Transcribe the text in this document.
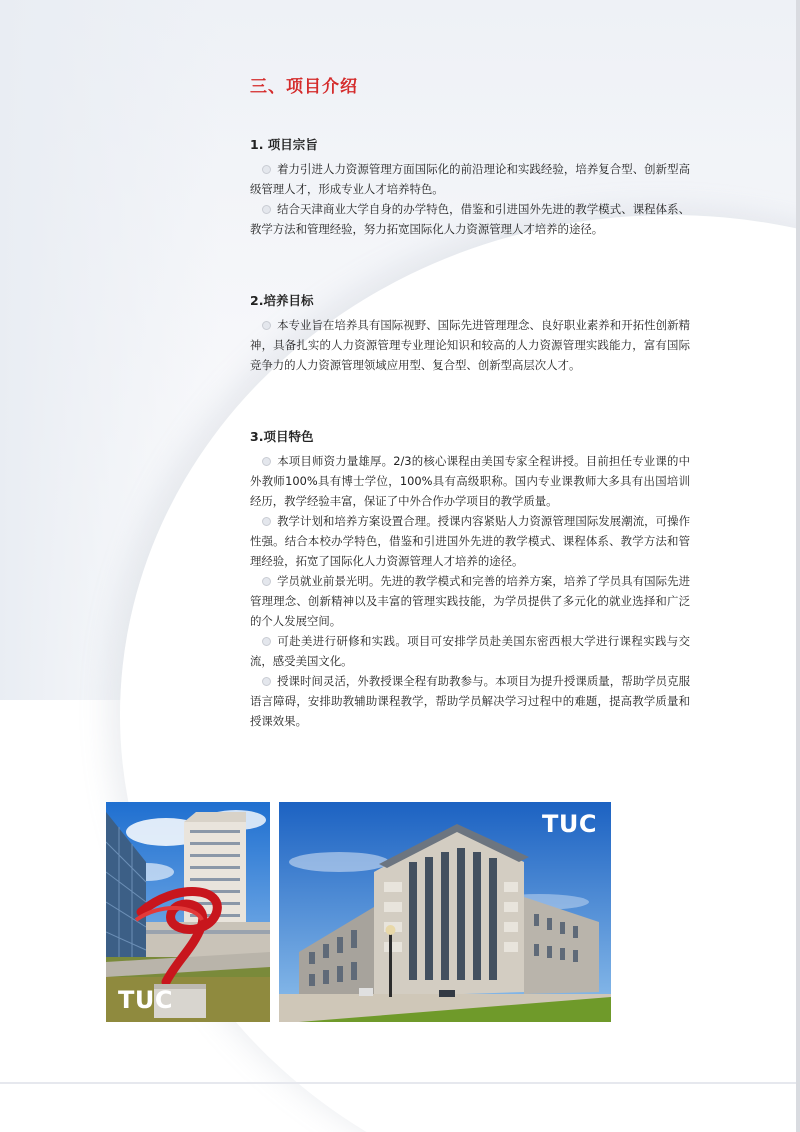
三、项目介绍
1. 项目宗旨

着力引进人力资源管理方面国际化的前沿理论和实践经验，培养复合型、创新型高级管理人才，形成专业人才培养特色。

结合天津商业大学自身的办学特色，借鉴和引进国外先进的教学模式、课程体系、教学方法和管理经验，努力拓宽国际化人力资源管理人才培养的途径。

2.培养目标

本专业旨在培养具有国际视野、国际先进管理理念、良好职业素养和开拓性创新精神，具备扎实的人力资源管理专业理论知识和较高的人力资源管理实践能力，富有国际竞争力的人力资源管理领域应用型、复合型、创新型高层次人才。

3.项目特色

本项目师资力量雄厚。2/3的核心课程由美国专家全程讲授。目前担任专业课的中外教师100%具有博士学位，100%具有高级职称。国内专业课教师大多具有出国培训经历，教学经验丰富，保证了中外合作办学项目的教学质量。

教学计划和培养方案设置合理。授课内容紧贴人力资源管理国际发展潮流，可操作性强。结合本校办学特色，借鉴和引进国外先进的教学模式、课程体系、教学方法和管理经验，拓宽了国际化人力资源管理人才培养的途径。

学员就业前景光明。先进的教学模式和完善的培养方案，培养了学员具有国际先进管理理念、创新精神以及丰富的管理实践技能，为学员提供了多元化的就业选择和广泛的个人发展空间。

可赴美进行研修和实践。项目可安排学员赴美国东密西根大学进行课程实践与交流，感受美国文化。

授课时间灵活，外教授课全程有助教参与。本项目为提升授课质量，帮助学员克服语言障碍，安排助教辅助课程教学，帮助学员解决学习过程中的难题，提高教学质量和授课效果。

TUC
TUC
